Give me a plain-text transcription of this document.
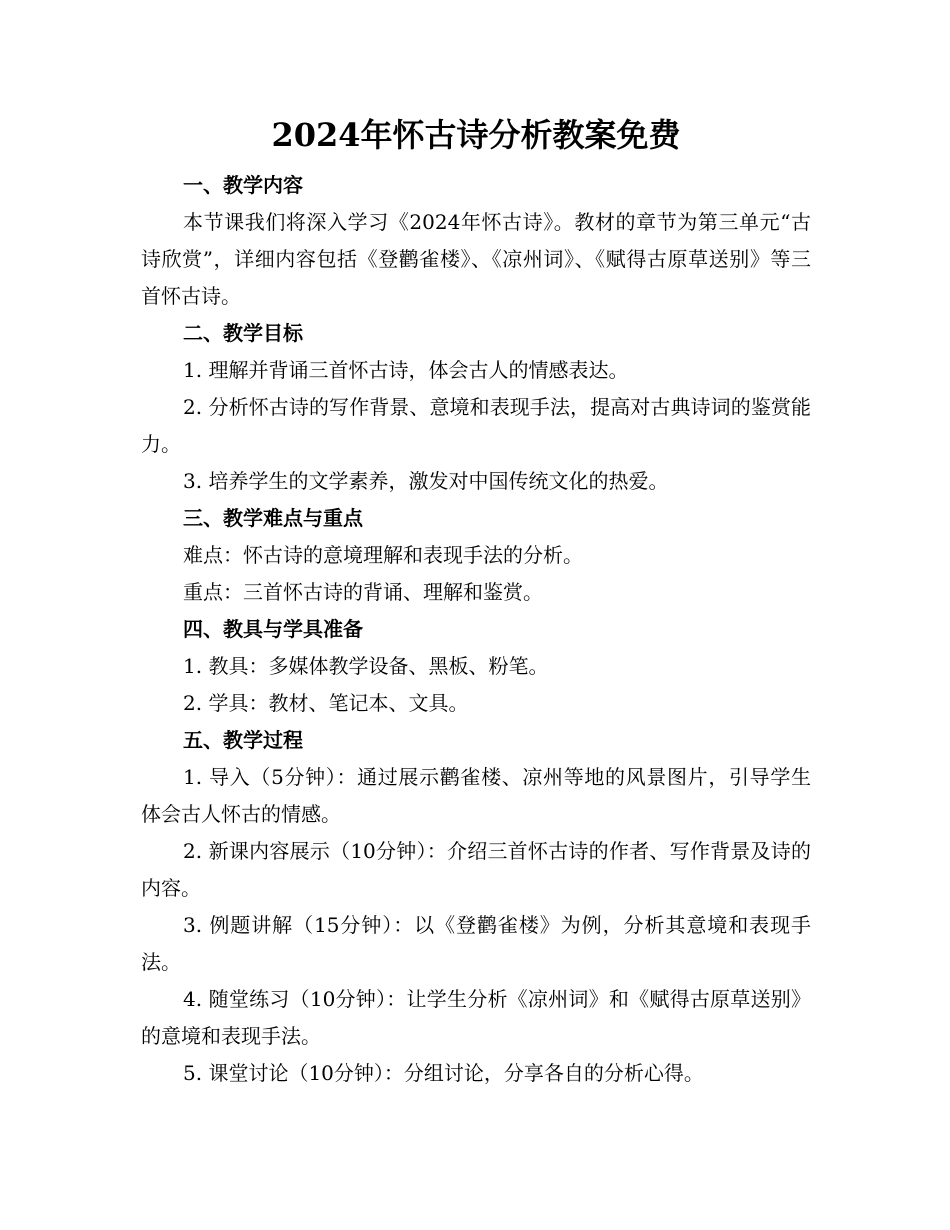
2024年怀古诗分析教案免费

一、教学内容

本节课我们将深入学习《2024年怀古诗》。教材的章节为第三单元“古诗欣赏”，详细内容包括《登鹳雀楼》、《凉州词》、《赋得古原草送别》等三首怀古诗。

二、教学目标

1. 理解并背诵三首怀古诗，体会古人的情感表达。

2. 分析怀古诗的写作背景、意境和表现手法，提高对古典诗词的鉴赏能力。

3. 培养学生的文学素养，激发对中国传统文化的热爱。

三、教学难点与重点

难点：怀古诗的意境理解和表现手法的分析。

重点：三首怀古诗的背诵、理解和鉴赏。

四、教具与学具准备

1. 教具：多媒体教学设备、黑板、粉笔。

2. 学具：教材、笔记本、文具。

五、教学过程

1. 导入（5分钟）：通过展示鹳雀楼、凉州等地的风景图片，引导学生体会古人怀古的情感。

2. 新课内容展示（10分钟）：介绍三首怀古诗的作者、写作背景及诗的内容。

3. 例题讲解（15分钟）：以《登鹳雀楼》为例，分析其意境和表现手法。

4. 随堂练习（10分钟）：让学生分析《凉州词》和《赋得古原草送别》的意境和表现手法。

5. 课堂讨论（10分钟）：分组讨论，分享各自的分析心得。
